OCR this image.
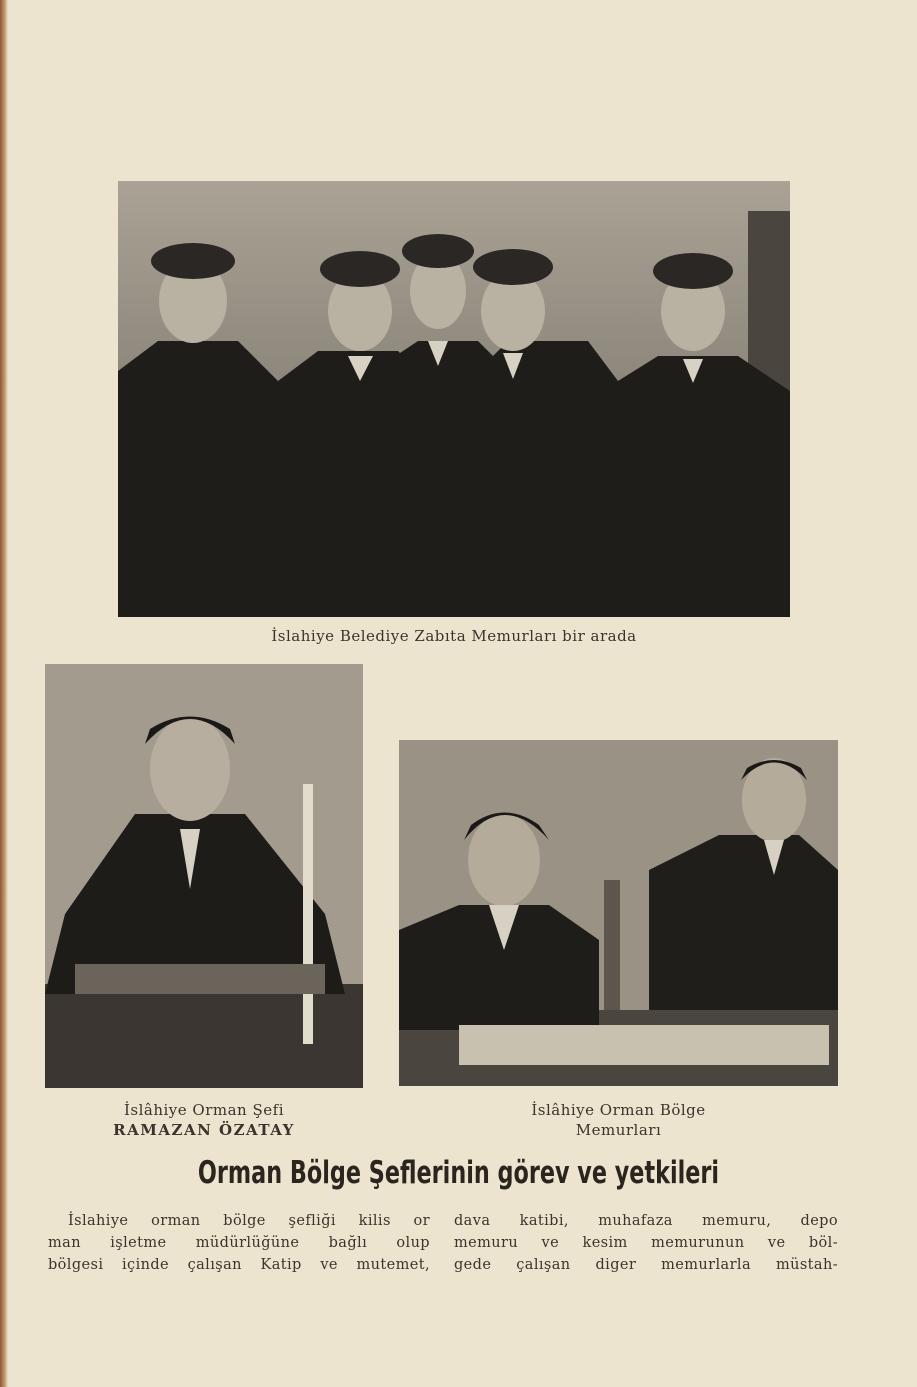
İslahiye Belediye Zabıta Memurları bir arada
İslâhiye Orman Şefi
RAMAZAN ÖZATAY
İslâhiye Orman Bölge
Memurları
Orman Bölge Şeflerinin görev ve yetkileri
İslahiye orman bölge şefliği kilis or
man işletme müdürlüğüne bağlı olup
bölgesi içinde çalışan Katip ve mutemet,
dava katibi, muhafaza memuru, depo
memuru ve kesim memurunun ve böl-
gede çalışan diger memurlarla müstah-
